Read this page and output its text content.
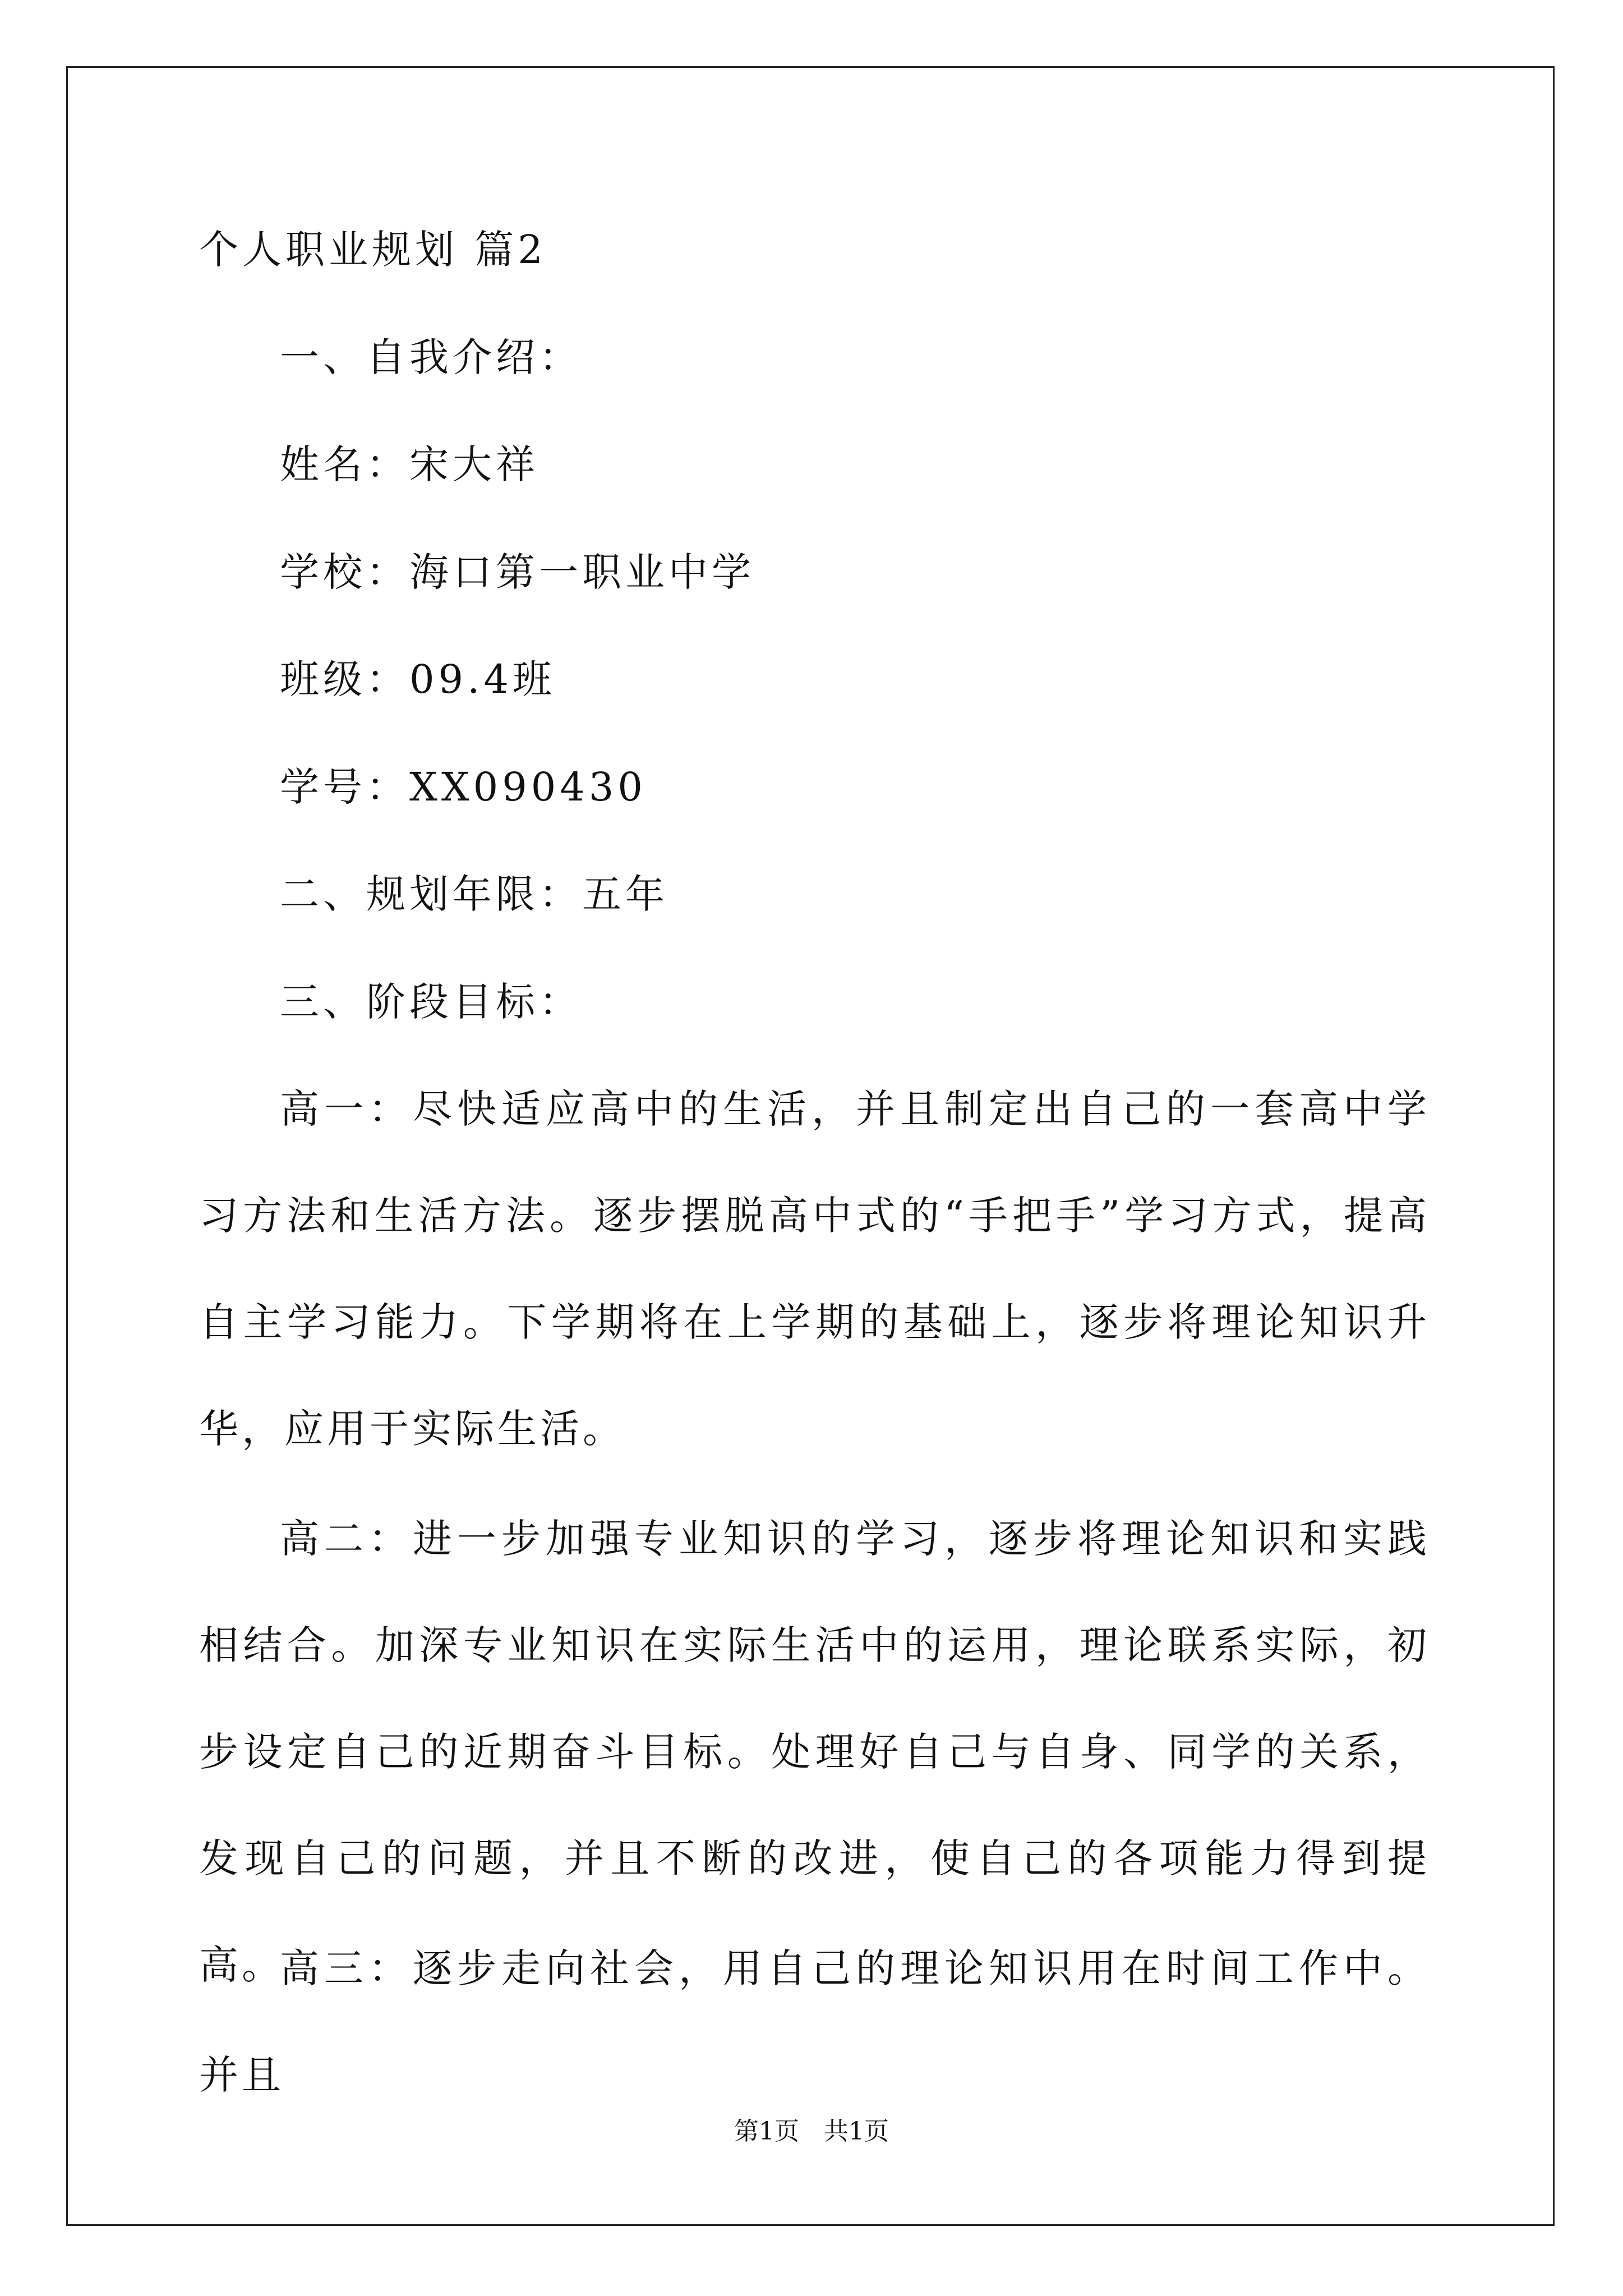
个人职业规划 篇2
一、自我介绍：
姓名：宋大祥
学校：海口第一职业中学
班级：09.4班
学号：XX090430
二、规划年限：五年
三、阶段目标：
高一：尽快适应高中的生活，并且制定出自己的一套高中学习方法和生活方法。逐步摆脱高中式的“手把手”学习方式，提高自主学习能力。下学期将在上学期的基础上，逐步将理论知识升华，应用于实际生活。
高二：进一步加强专业知识的学习，逐步将理论知识和实践相结合。加深专业知识在实际生活中的运用，理论联系实际，初步设定自己的近期奋斗目标。处理好自己与自身、同学的关系，发现自己的问题，并且不断的改进，使自己的各项能力得到提高。
高三：逐步走向社会，用自己的理论知识用在时间工作中。并且
第1页　共1页
